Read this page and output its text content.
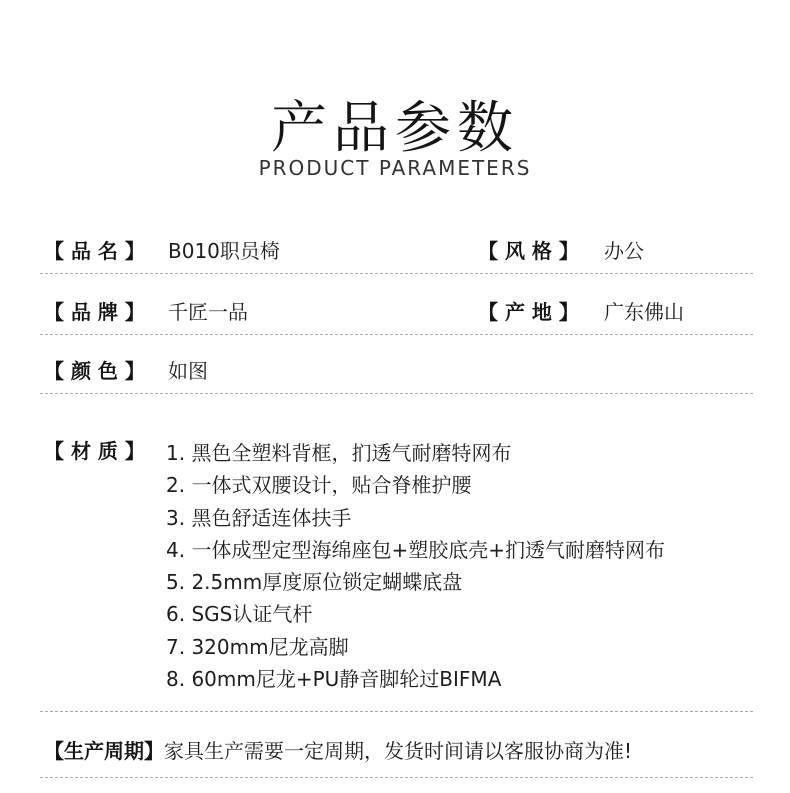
产品参数
PRODUCT PARAMETERS
【 品 名 】 B010职员椅	【 风 格 】 办公
【 品 牌 】 千匠一品	【 产 地 】 广东佛山
【 颜 色 】 如图
【 材 质 】 1. 黑色全塑料背框，扪透气耐磨特网布
2. 一体式双腰设计，贴合脊椎护腰
3. 黑色舒适连体扶手
4. 一体成型定型海绵座包+塑胶底壳+扪透气耐磨特网布
5. 2.5mm厚度原位锁定蝴蝶底盘
6. SGS认证气杆
7. 320mm尼龙高脚
8. 60mm尼龙+PU静音脚轮过BIFMA
【生产周期】家具生产需要一定周期，发货时间请以客服协商为准!
